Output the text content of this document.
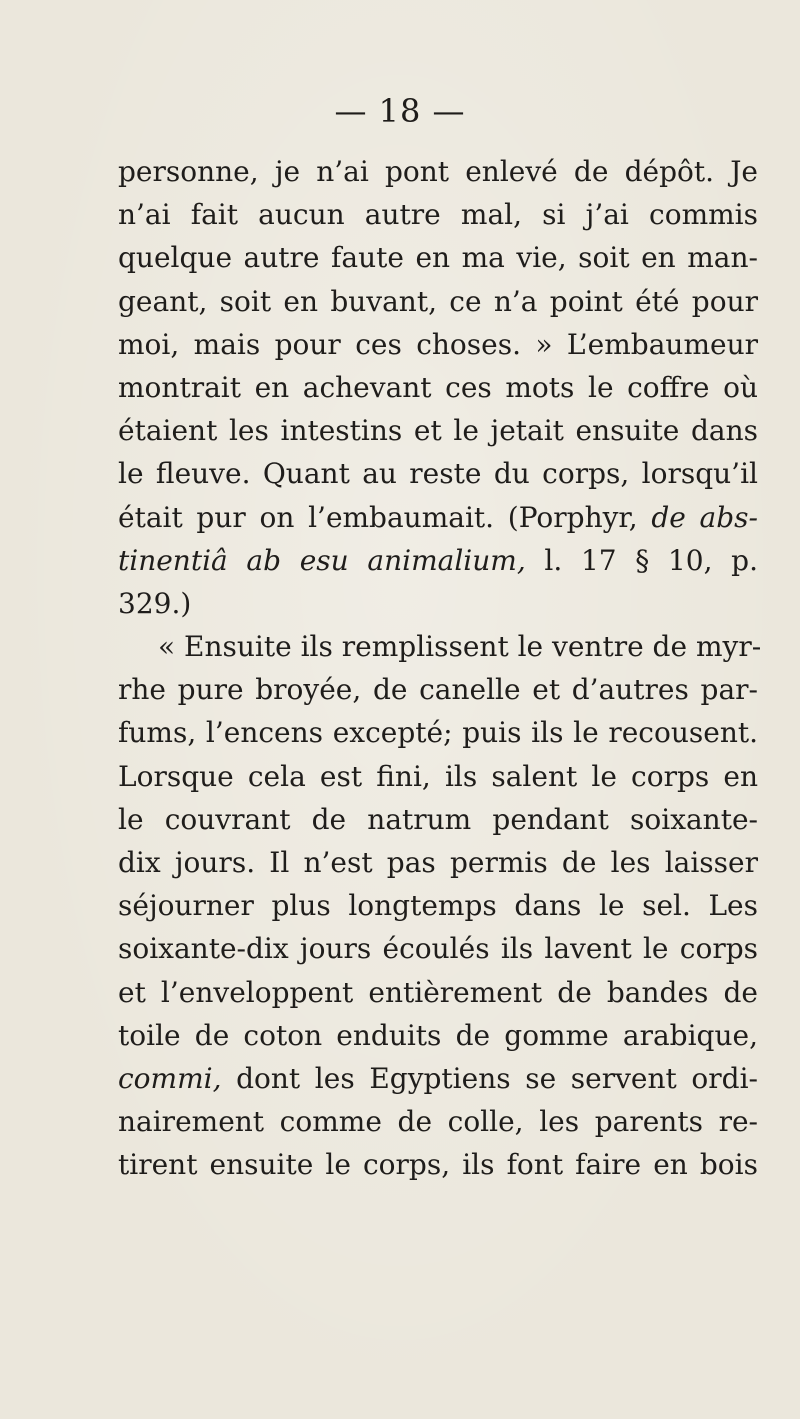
— 18 —
personne, je n’ai pont enlevé de dépôt. Je
n’ai fait aucun autre mal, si j’ai commis
quelque autre faute en ma vie, soit en man-
geant, soit en buvant, ce n’a point été pour
moi, mais pour ces choses. » L’embaumeur
montrait en achevant ces mots le coffre où
étaient les intestins et le jetait ensuite dans
le fleuve. Quant au reste du corps, lorsqu’il
était pur on l’embaumait. (Porphyr, de abs-
tinentiâ ab esu animalium, l. 17 § 10, p.
329.)
« Ensuite ils remplissent le ventre de myr-
rhe pure broyée, de canelle et d’autres par-
fums, l’encens excepté; puis ils le recousent.
Lorsque cela est fini, ils salent le corps en
le couvrant de natrum pendant soixante-
dix jours. Il n’est pas permis de les laisser
séjourner plus longtemps dans le sel. Les
soixante-dix jours écoulés ils lavent le corps
et l’enveloppent entièrement de bandes de
toile de coton enduits de gomme arabique,
commi, dont les Egyptiens se servent ordi-
nairement comme de colle, les parents re-
tirent ensuite le corps, ils font faire en bois
